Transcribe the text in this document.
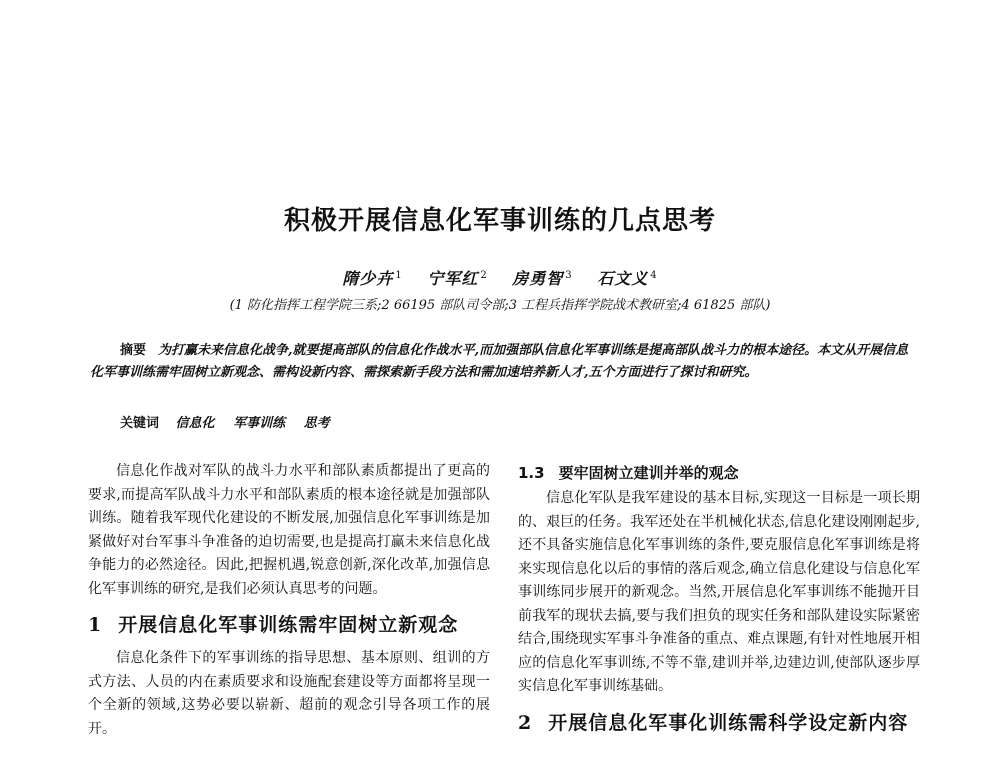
积极开展信息化军事训练的几点思考
隋少卉 $^1$ 宁军红 $^2$ 房勇智 $^3$ 石文义 $^4$
(1 防化指挥工程学院三系;2 66195 部队司令部;3 工程兵指挥学院战术教研室;4 61825 部队)
摘要 为打赢未来信息化战争,就要提高部队的信息化作战水平,而加强部队信息化军事训练是提高部队战斗力的根本途径。本文从开展信息化军事训练需牢固树立新观念、需构设新内容、需探索新手段方法和需加速培养新人才,五个方面进行了探讨和研究。
关键词 信息化 军事训练 思考

信息化作战对军队的战斗力水平和部队素质都提出了更高的要求,而提高军队战斗力水平和部队素质的根本途径就是加强部队训练。随着我军现代化建设的不断发展,加强信息化军事训练是加紧做好对台军事斗争准备的迫切需要,也是提高打赢未来信息化战争能力的必然途径。因此,把握机遇,锐意创新,深化改革,加强信息化军事训练的研究,是我们必须认真思考的问题。

1 开展信息化军事训练需牢固树立新观念

信息化条件下的军事训练的指导思想、基本原则、组训的方式方法、人员的内在素质要求和设施配套建设等方面都将呈现一个全新的领域,这势必要以崭新、超前的观念引导各项工作的展开。

1.3 要牢固树立建训并举的观念

信息化军队是我军建设的基本目标,实现这一目标是一项长期的、艰巨的任务。我军还处在半机械化状态,信息化建设刚刚起步,还不具备实施信息化军事训练的条件,要克服信息化军事训练是将来实现信息化以后的事情的落后观念,确立信息化建设与信息化军事训练同步展开的新观念。当然,开展信息化军事训练不能抛开目前我军的现状去搞,要与我们担负的现实任务和部队建设实际紧密结合,围绕现实军事斗争准备的重点、难点课题,有针对性地展开相应的信息化军事训练,不等不靠,建训并举,边建边训,使部队逐步厚实信息化军事训练基础。

2 开展信息化军事化训练需科学设定新内容
